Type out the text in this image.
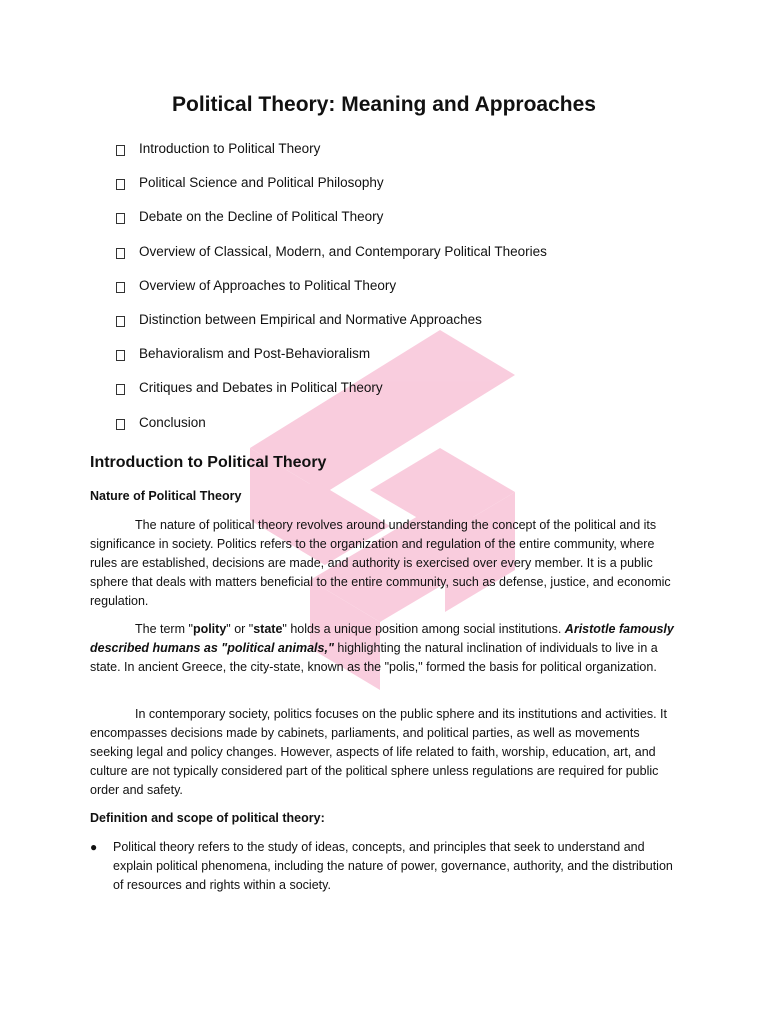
Political Theory: Meaning and Approaches
Introduction to Political Theory
Political Science and Political Philosophy
Debate on the Decline of Political Theory
Overview of Classical, Modern, and Contemporary Political Theories
Overview of Approaches to Political Theory
Distinction between Empirical and Normative Approaches
Behavioralism and Post-Behavioralism
Critiques and Debates in Political Theory
Conclusion
Introduction to Political Theory
Nature of Political Theory

The nature of political theory revolves around understanding the concept of the political and its significance in society. Politics refers to the organization and regulation of the entire community, where rules are established, decisions are made, and authority is exercised over every member. It is a public sphere that deals with matters beneficial to the entire community, such as defense, justice, and economic regulation.

The term "polity" or "state" holds a unique position among social institutions. Aristotle famously described humans as "political animals," highlighting the natural inclination of individuals to live in a state. In ancient Greece, the city-state, known as the "polis," formed the basis for political organization.

In contemporary society, politics focuses on the public sphere and its institutions and activities. It encompasses decisions made by cabinets, parliaments, and political parties, as well as movements seeking legal and policy changes. However, aspects of life related to faith, worship, education, art, and culture are not typically considered part of the political sphere unless regulations are required for public order and safety.

Definition and scope of political theory:
●	Political theory refers to the study of ideas, concepts, and principles that seek to understand and explain political phenomena, including the nature of power, governance, authority, and the distribution of resources and rights within a society.
